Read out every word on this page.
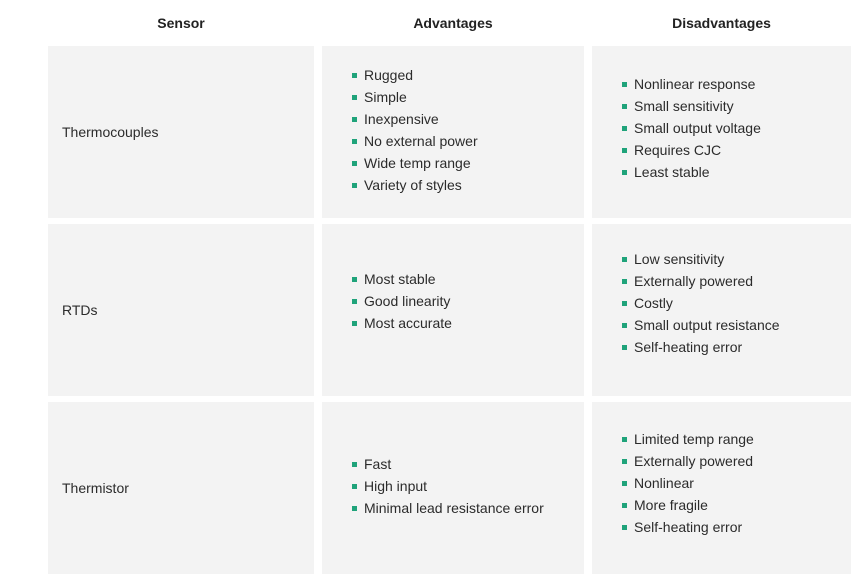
Sensor	Advantages	Disadvantages
Thermocouples
Rugged
Simple
Inexpensive
No external power
Wide temp range
Variety of styles
Nonlinear response
Small sensitivity
Small output voltage
Requires CJC
Least stable
RTDs
Most stable
Good linearity
Most accurate
Low sensitivity
Externally powered
Costly
Small output resistance
Self-heating error
Thermistor
Fast
High input
Minimal lead resistance error
Limited temp range
Externally powered
Nonlinear
More fragile
Self-heating error
